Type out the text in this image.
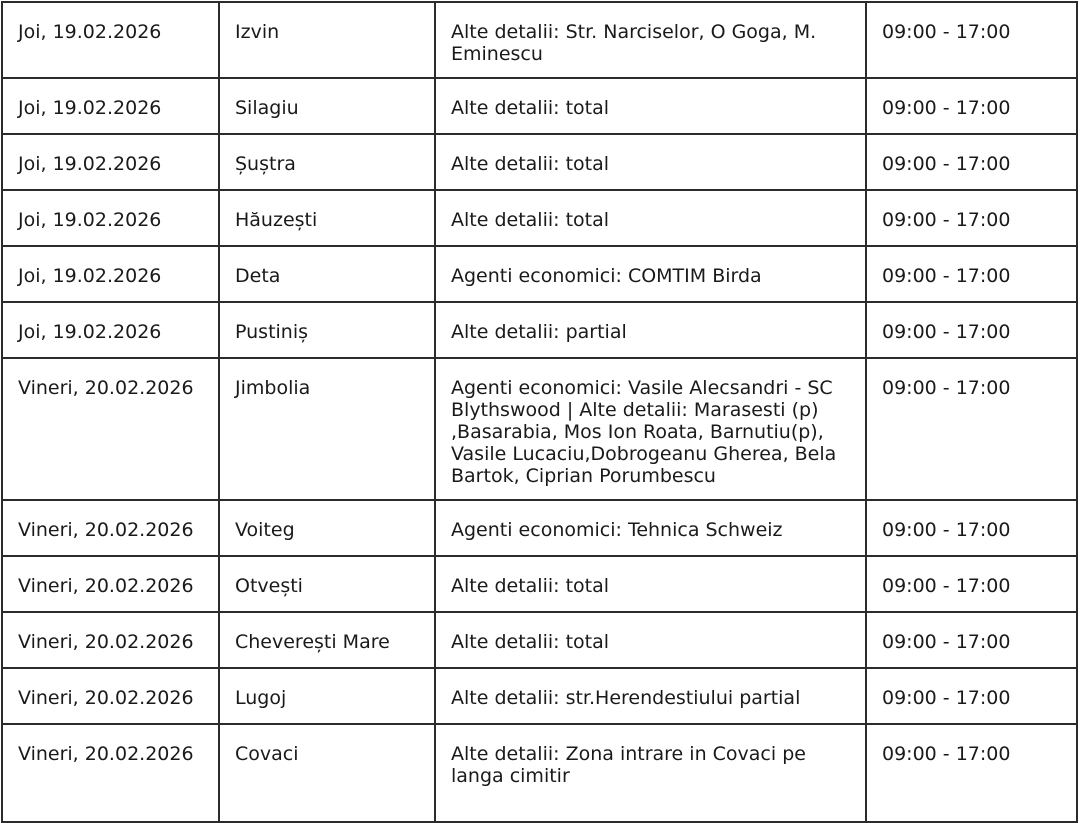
Joi, 19.02.2026	Izvin	Alte detalii: Str. Narciselor, O Goga, M. Eminescu	09:00 - 17:00
Joi, 19.02.2026	Silagiu	Alte detalii: total	09:00 - 17:00
Joi, 19.02.2026	Șuștra	Alte detalii: total	09:00 - 17:00
Joi, 19.02.2026	Hăuzești	Alte detalii: total	09:00 - 17:00
Joi, 19.02.2026	Deta	Agenti economici: COMTIM Birda	09:00 - 17:00
Joi, 19.02.2026	Pustiniș	Alte detalii: partial	09:00 - 17:00
Vineri, 20.02.2026	Jimbolia	Agenti economici: Vasile Alecsandri - SC Blythswood | Alte detalii: Marasesti (p) ,Basarabia, Mos Ion Roata, Barnutiu(p), Vasile Lucaciu,Dobrogeanu Gherea, Bela Bartok, Ciprian Porumbescu	09:00 - 17:00
Vineri, 20.02.2026	Voiteg	Agenti economici: Tehnica Schweiz	09:00 - 17:00
Vineri, 20.02.2026	Otvești	Alte detalii: total	09:00 - 17:00
Vineri, 20.02.2026	Cheverești Mare	Alte detalii: total	09:00 - 17:00
Vineri, 20.02.2026	Lugoj	Alte detalii: str.Herendestiului partial	09:00 - 17:00
Vineri, 20.02.2026	Covaci	Alte detalii: Zona intrare in Covaci pe langa cimitir	09:00 - 17:00
